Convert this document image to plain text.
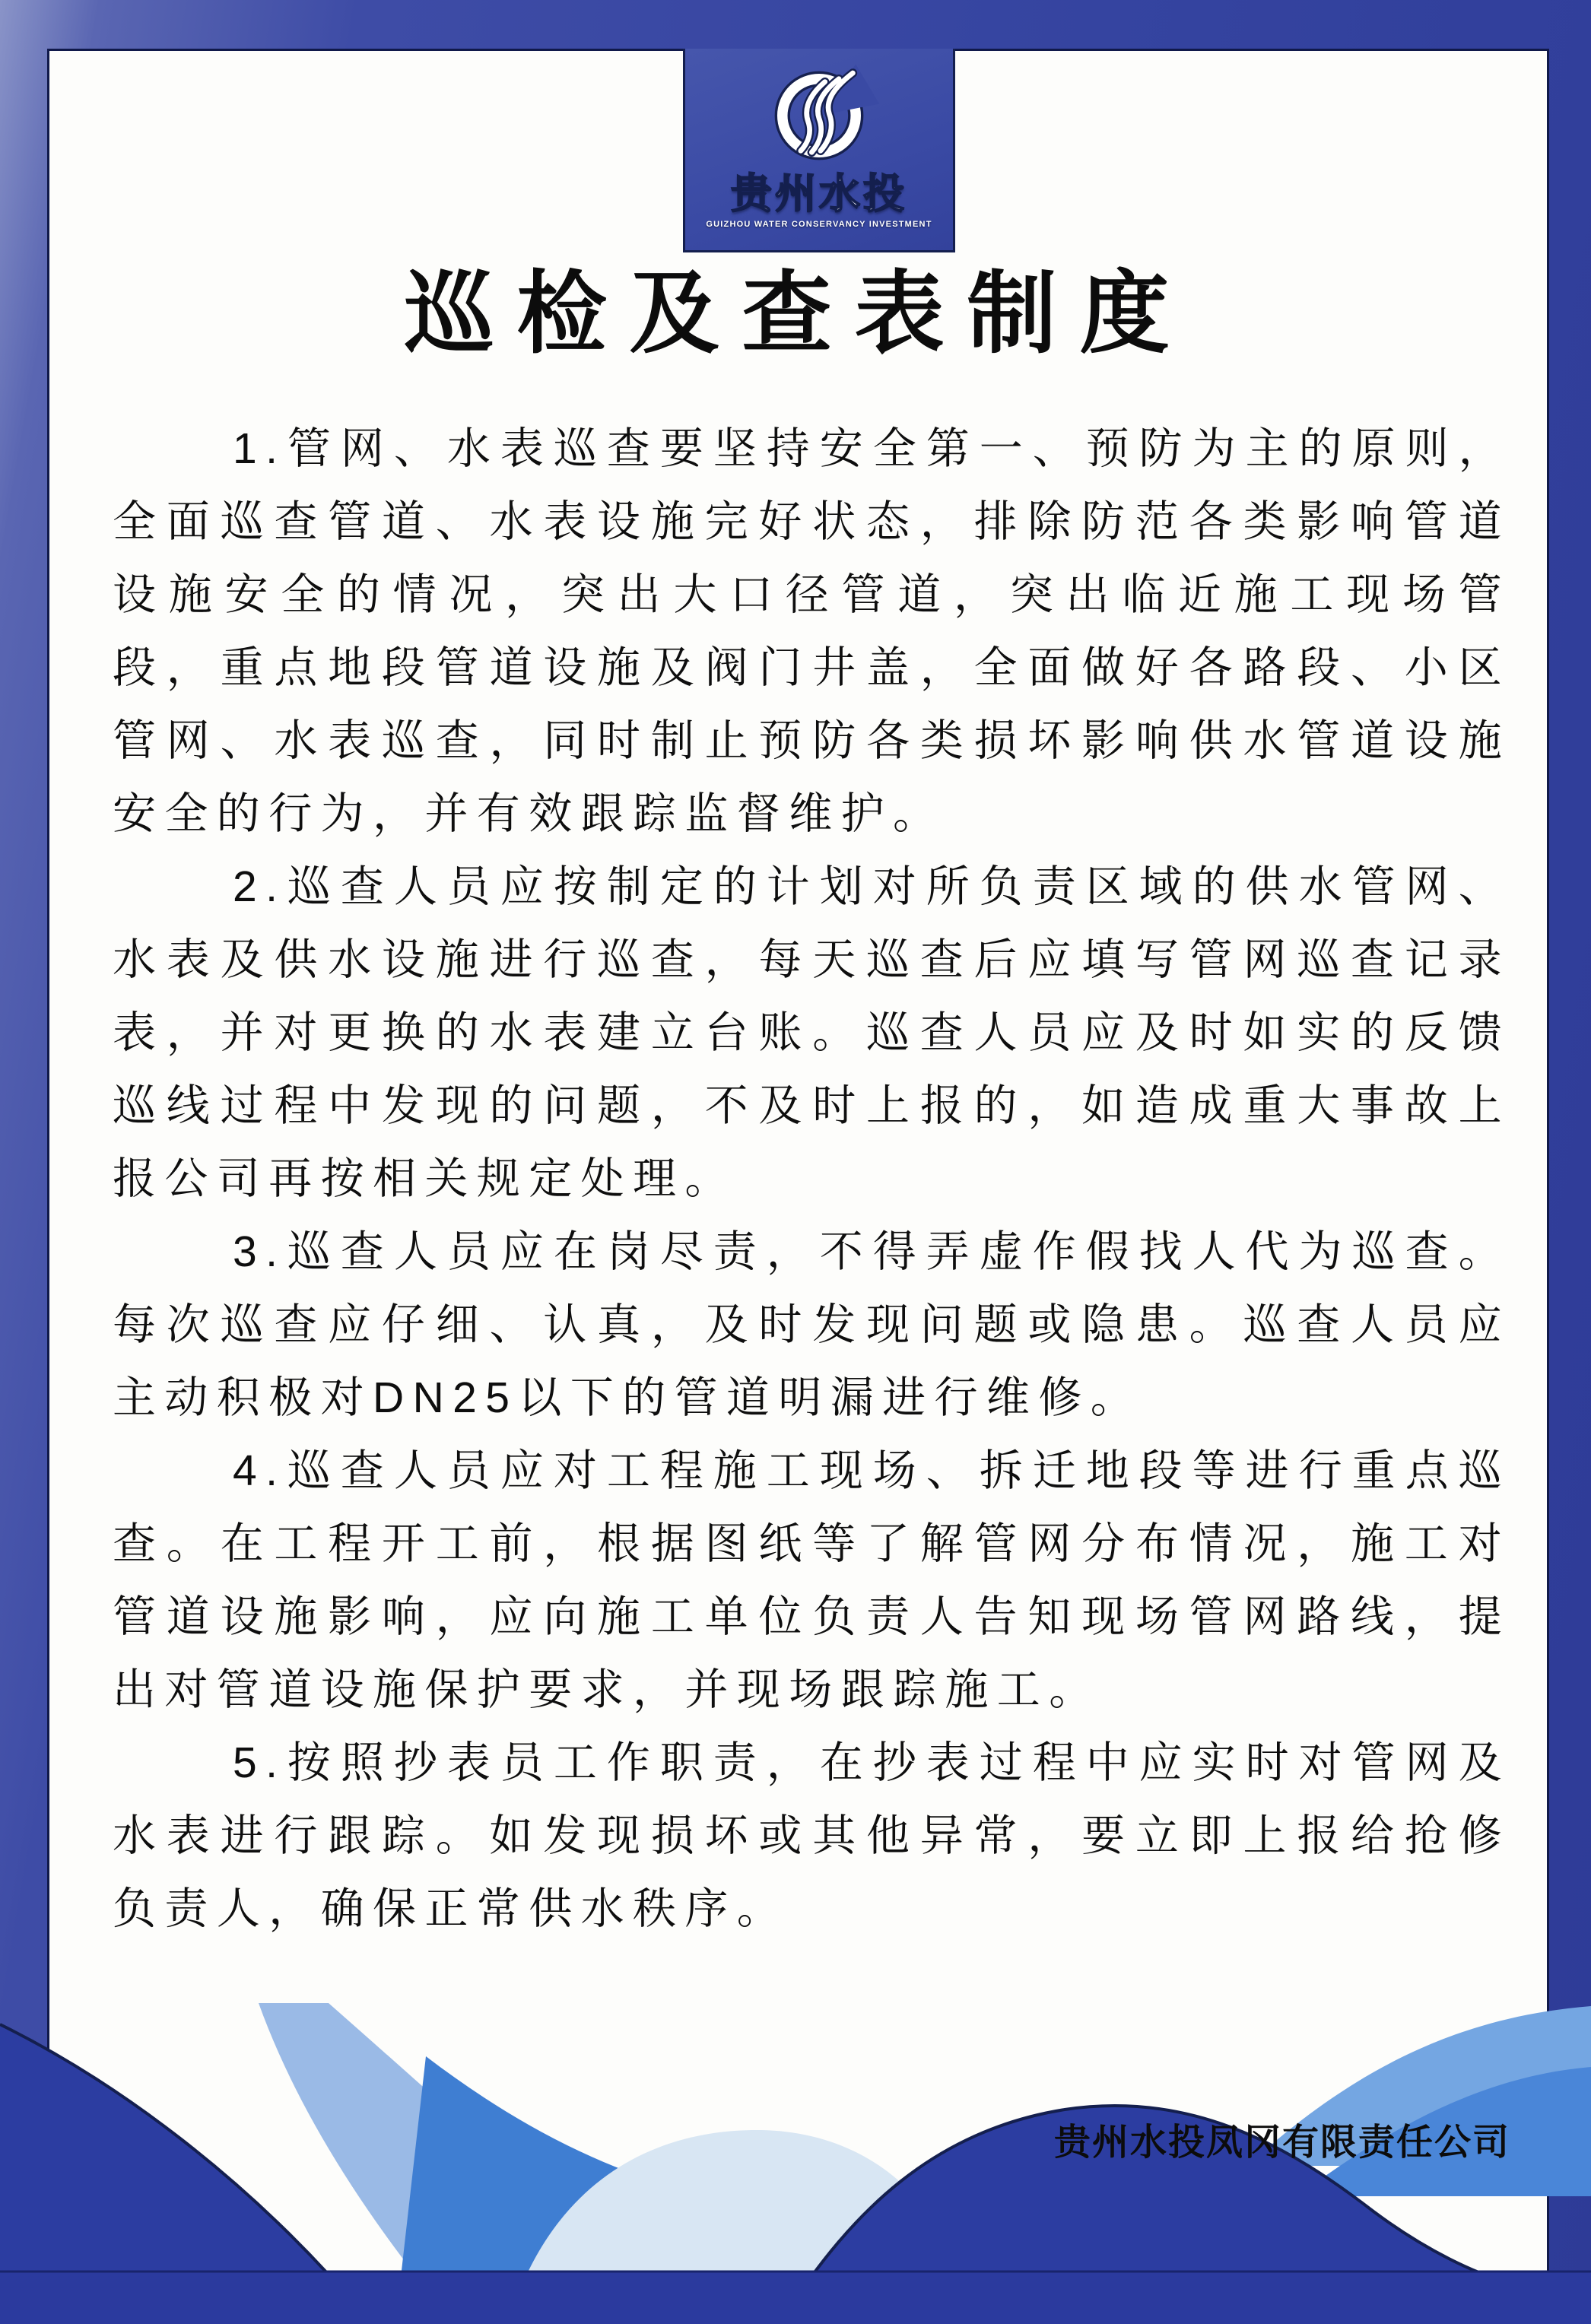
贵州水投
GUIZHOU WATER CONSERVANCY INVESTMENT
巡检及查表制度

1.管网、水表巡查要坚持安全第一、预防为主的原则，全面巡查管道、水表设施完好状态，排除防范各类影响管道设施安全的情况，突出大口径管道，突出临近施工现场管段，重点地段管道设施及阀门井盖，全面做好各路段、小区管网、水表巡查，同时制止预防各类损坏影响供水管道设施安全的行为，并有效跟踪监督维护。

2.巡查人员应按制定的计划对所负责区域的供水管网、水表及供水设施进行巡查，每天巡查后应填写管网巡查记录表，并对更换的水表建立台账。巡查人员应及时如实的反馈巡线过程中发现的问题，不及时上报的，如造成重大事故上报公司再按相关规定处理。

3.巡查人员应在岗尽责，不得弄虚作假找人代为巡查。每次巡查应仔细、认真，及时发现问题或隐患。巡查人员应主动积极对DN25以下的管道明漏进行维修。

4.巡查人员应对工程施工现场、拆迁地段等进行重点巡查。在工程开工前，根据图纸等了解管网分布情况，施工对管道设施影响，应向施工单位负责人告知现场管网路线，提出对管道设施保护要求，并现场跟踪施工。

5.按照抄表员工作职责，在抄表过程中应实时对管网及水表进行跟踪。如发现损坏或其他异常，要立即上报给抢修负责人，确保正常供水秩序。

贵州水投凤冈有限责任公司
